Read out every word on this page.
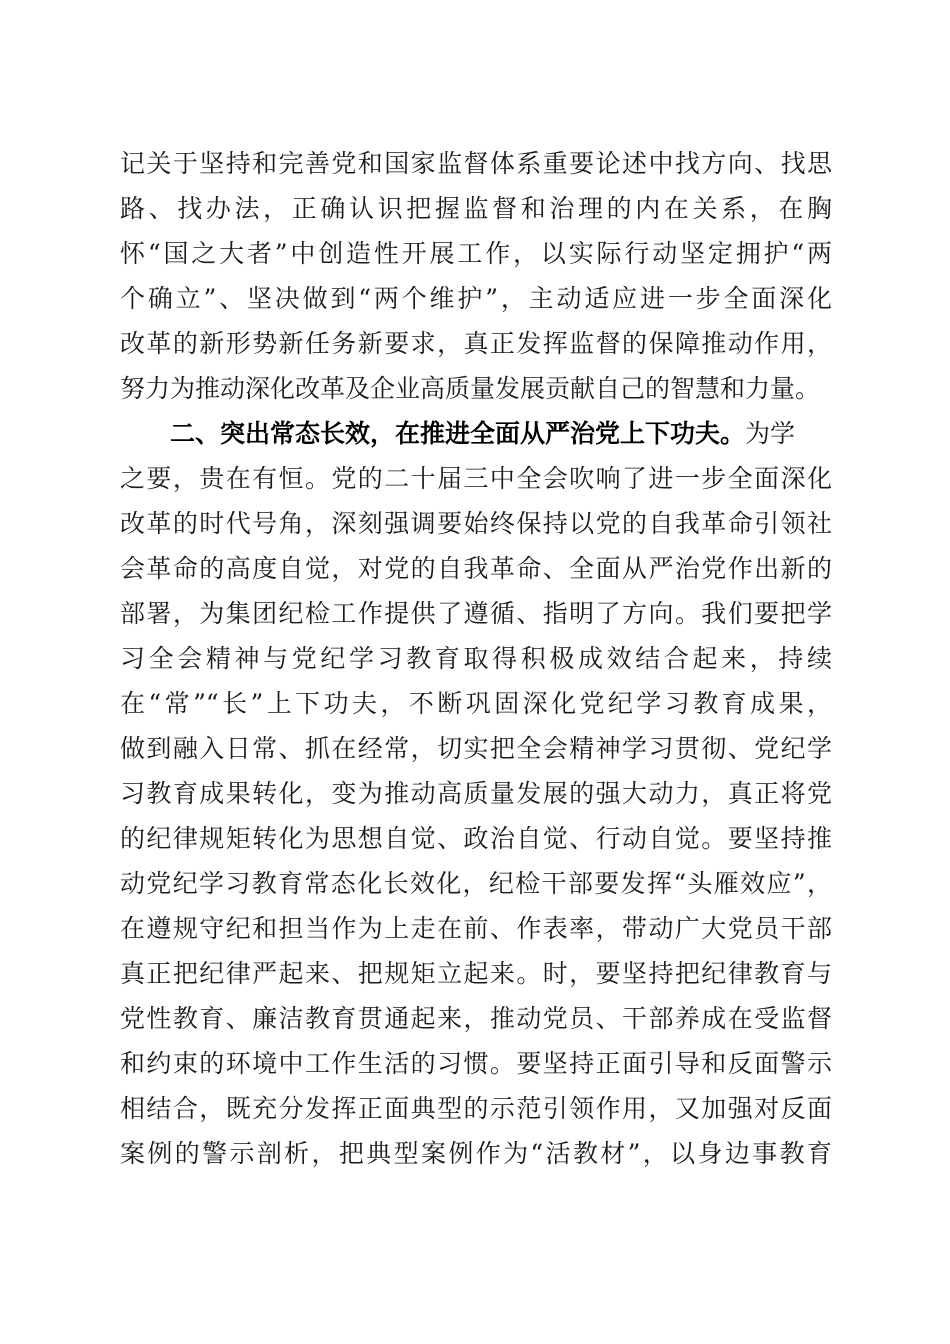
记关于坚持和完善党和国家监督体系重要论述中找方向、找思
路、找办法，正确认识把握监督和治理的内在关系，在胸
怀“国之大者”中创造性开展工作，以实际行动坚定拥护“两
个确立”、坚决做到“两个维护”，主动适应进一步全面深化
改革的新形势新任务新要求，真正发挥监督的保障推动作用，
努力为推动深化改革及企业高质量发展贡献自己的智慧和力量。
二、突出常态长效，在推进全面从严治党上下功夫。为学
之要，贵在有恒。党的二十届三中全会吹响了进一步全面深化
改革的时代号角，深刻强调要始终保持以党的自我革命引领社
会革命的高度自觉，对党的自我革命、全面从严治党作出新的
部署，为集团纪检工作提供了遵循、指明了方向。我们要把学
习全会精神与党纪学习教育取得积极成效结合起来，持续
在“常”“长”上下功夫，不断巩固深化党纪学习教育成果，
做到融入日常、抓在经常，切实把全会精神学习贯彻、党纪学
习教育成果转化，变为推动高质量发展的强大动力，真正将党
的纪律规矩转化为思想自觉、政治自觉、行动自觉。要坚持推
动党纪学习教育常态化长效化，纪检干部要发挥“头雁效应”，
在遵规守纪和担当作为上走在前、作表率，带动广大党员干部
真正把纪律严起来、把规矩立起来。时，要坚持把纪律教育与
党性教育、廉洁教育贯通起来，推动党员、干部养成在受监督
和约束的环境中工作生活的习惯。要坚持正面引导和反面警示
相结合，既充分发挥正面典型的示范引领作用，又加强对反面
案例的警示剖析，把典型案例作为“活教材”，以身边事教育
